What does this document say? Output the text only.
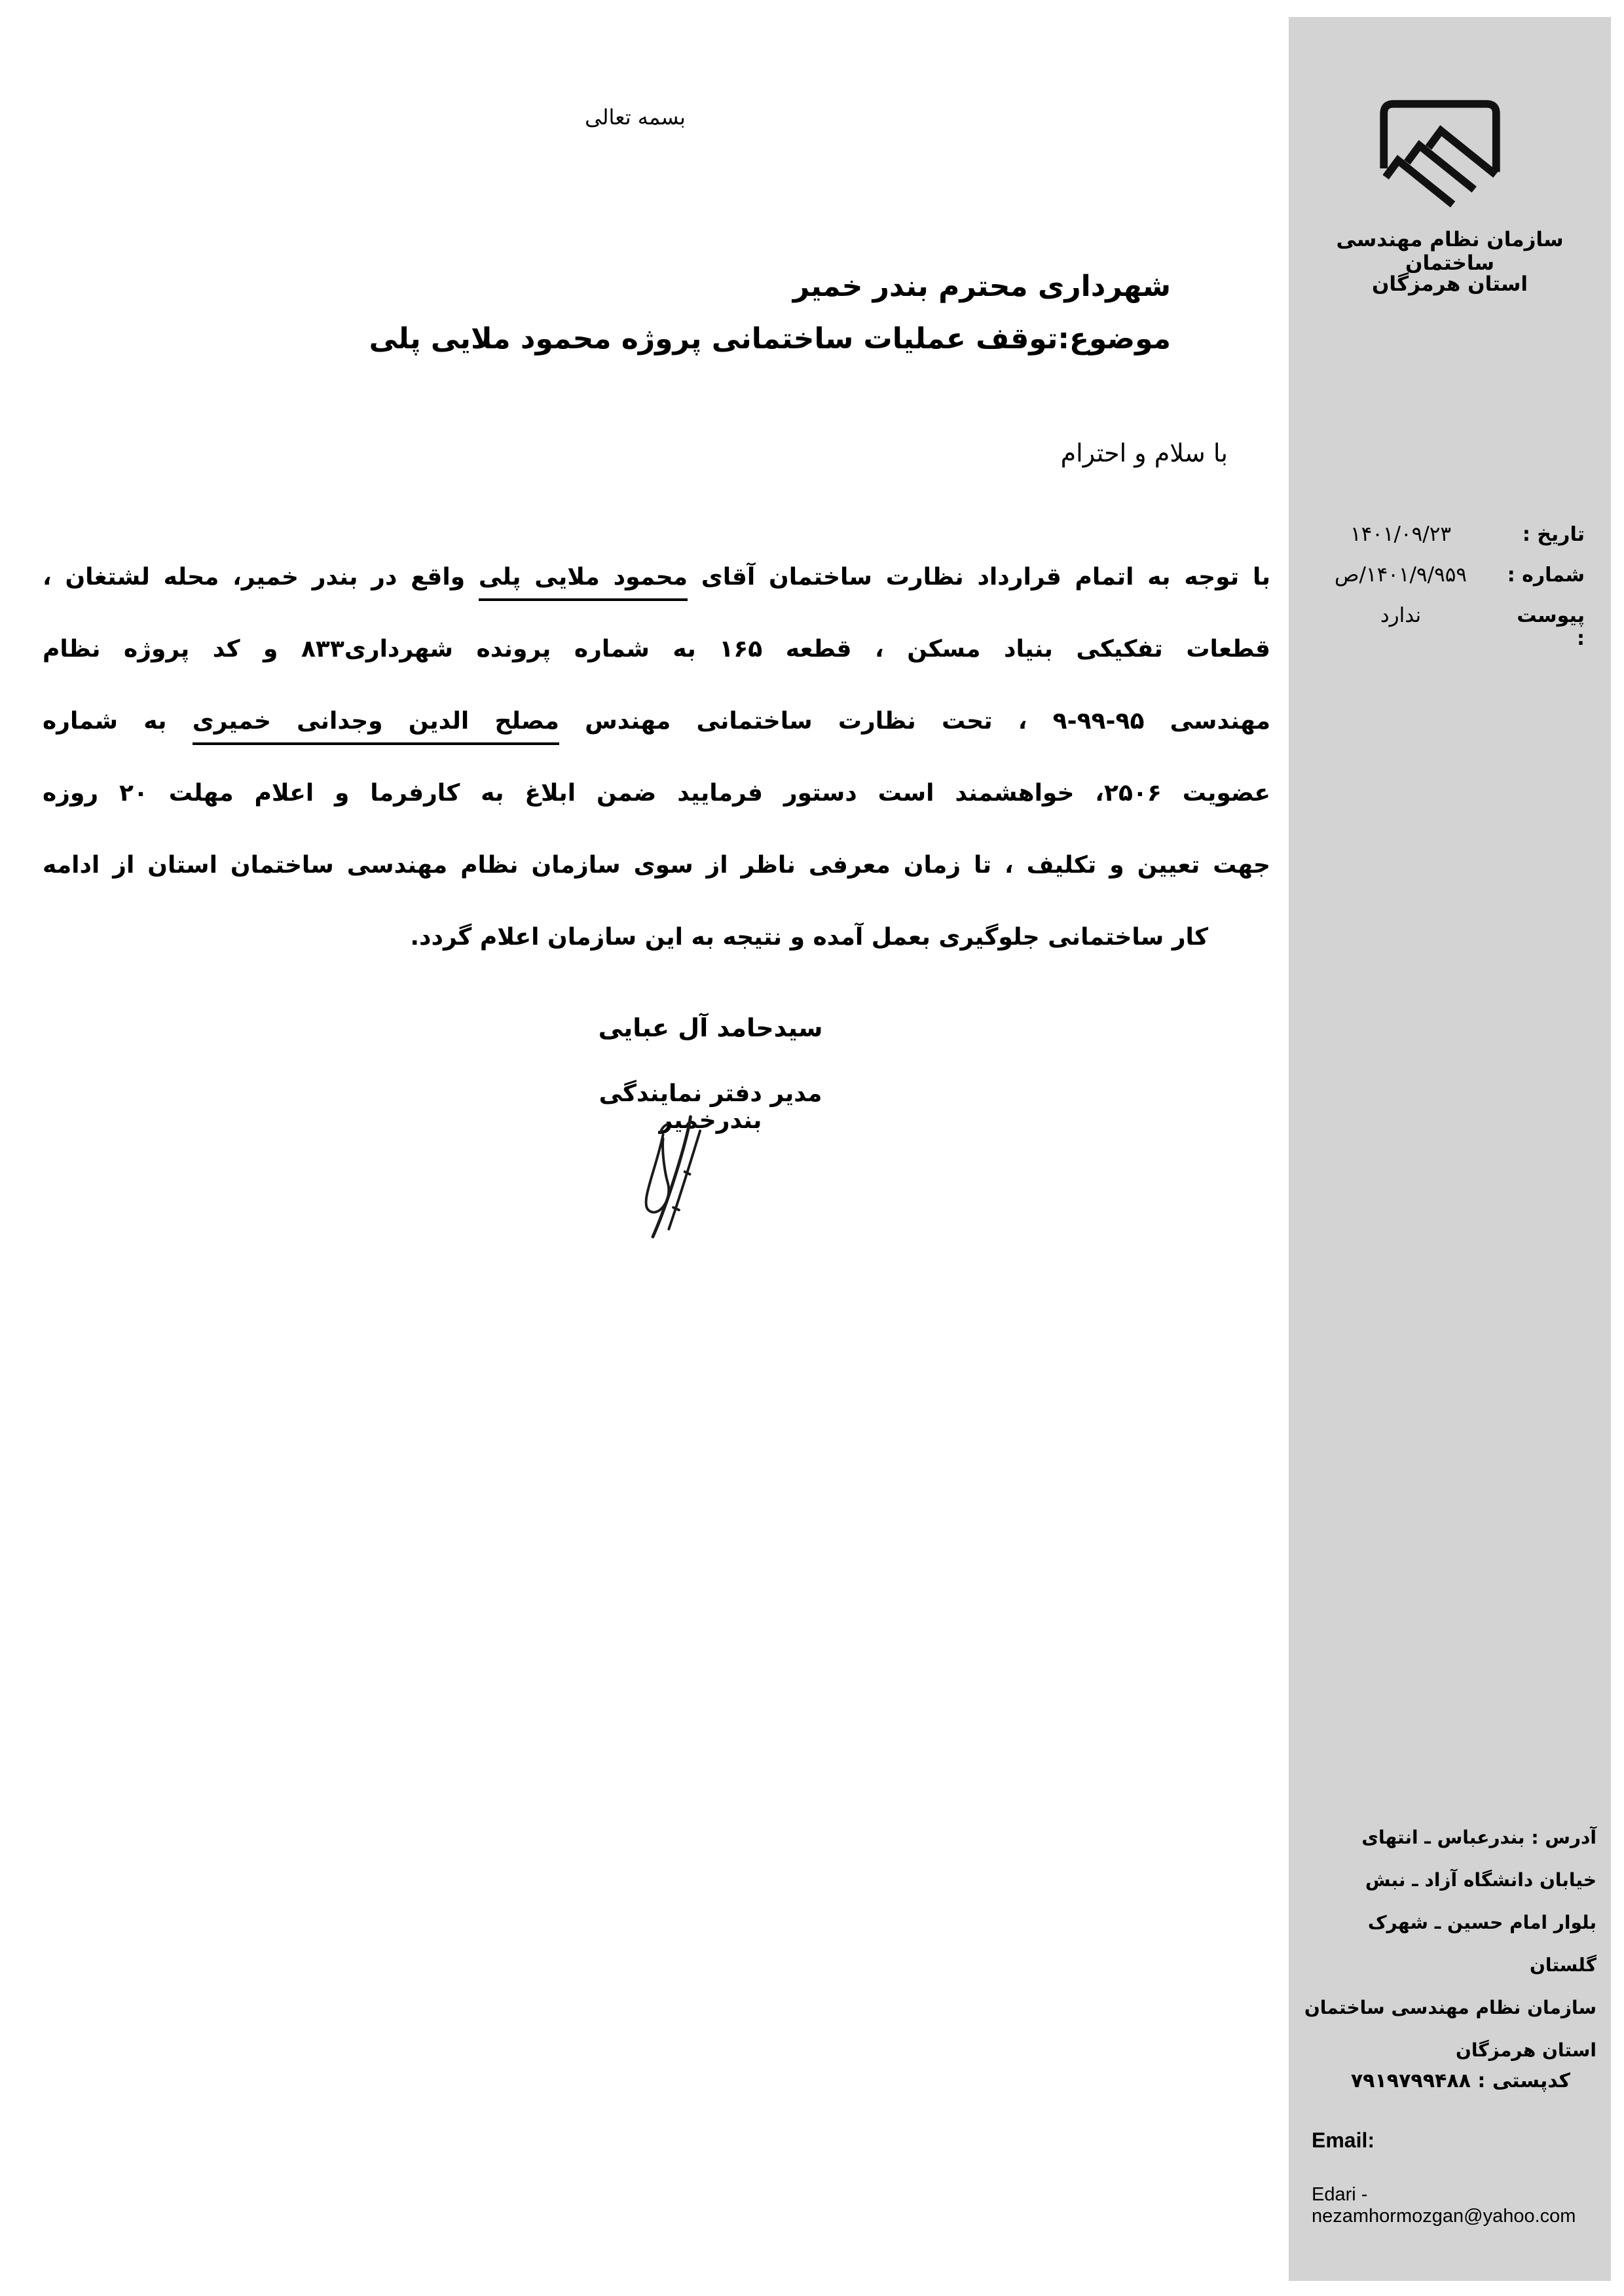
بسمه تعالی
شهرداری محترم بندر خمیر
موضوع:توقف عملیات ساختمانی پروژه محمود ملایی پلی
با سلام و احترام
با توجه به اتمام قرارداد نظارت ساختمان آقای محمود ملایی پلی واقع در بندر خمیر، محله لشتغان ،
قطعات تفکیکی بنیاد مسکن ، قطعه ۱۶۵ به شماره پرونده شهرداری۸۳۳ و کد پروژه نظام
مهندسی ۹۵-۹۹-۹ ، تحت نظارت ساختمانی مهندس مصلح الدین وجدانی خمیری به شماره
عضویت ۲۵۰۶، خواهشمند است دستور فرمایید ضمن ابلاغ به کارفرما و اعلام مهلت ۲۰ روزه
جهت تعیین و تکلیف ، تا زمان معرفی ناظر از سوی سازمان نظام مهندسی ساختمان استان از ادامه
کار ساختمانی جلوگیری بعمل آمده و نتیجه به این سازمان اعلام گردد.
سیدحامد آل عبایی
مدیر دفتر نمایندگی بندرخمیر
سازمان نظام مهندسی ساختمان
استان هرمزگان
تاریخ :
۱۴۰۱/۰۹/۲۳
شماره :
۱۴۰۱/۹/۹۵۹/ص
پیوست :
ندارد
آدرس : بندرعباس ـ انتهای
خیابان دانشگاه آزاد ـ نبش
بلوار امام حسین ـ شهرک
گلستان
سازمان نظام مهندسی ساختمان
استان هرمزگان
کدپستی : ۷۹۱۹۷۹۹۴۸۸
Email:
Edari - nezamhormozgan@yahoo.com
